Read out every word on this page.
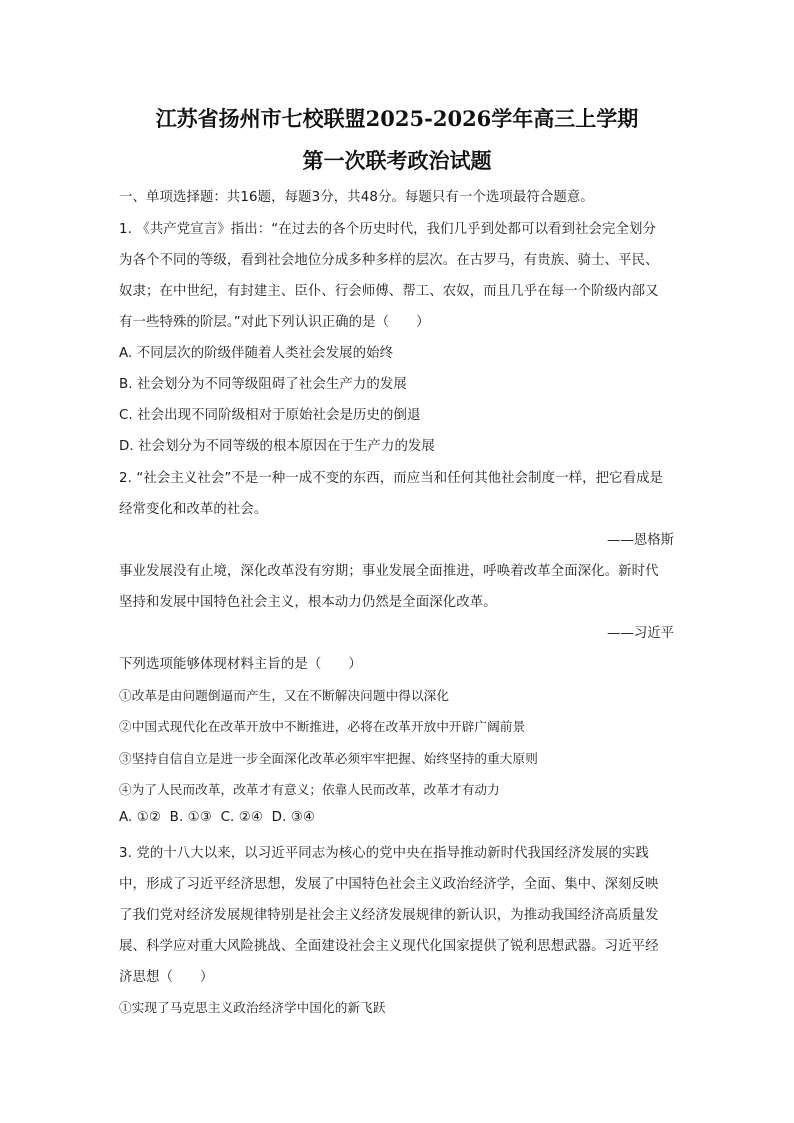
江苏省扬州市七校联盟2025-2026学年高三上学期
第一次联考政治试题
一、单项选择题：共16题，每题3分，共48分。每题只有一个选项最符合题意。
1. 《共产党宣言》指出：“在过去的各个历史时代，我们几乎到处都可以看到社会完全划分
为各个不同的等级，看到社会地位分成多种多样的层次。在古罗马，有贵族、骑士、平民、
奴隶；在中世纪，有封建主、臣仆、行会师傅、帮工、农奴，而且几乎在每一个阶级内部又
有一些特殊的阶层。”对此下列认识正确的是（　　）
A. 不同层次的阶级伴随着人类社会发展的始终
B. 社会划分为不同等级阻碍了社会生产力的发展
C. 社会出现不同阶级相对于原始社会是历史的倒退
D. 社会划分为不同等级的根本原因在于生产力的发展
2. “社会主义社会”不是一种一成不变的东西，而应当和任何其他社会制度一样，把它看成是
经常变化和改革的社会。
——恩格斯
事业发展没有止境，深化改革没有穷期；事业发展全面推进，呼唤着改革全面深化。新时代
坚持和发展中国特色社会主义，根本动力仍然是全面深化改革。
——习近平
下列选项能够体现材料主旨的是（　　）
①改革是由问题倒逼而产生，又在不断解决问题中得以深化
②中国式现代化在改革开放中不断推进，必将在改革开放中开辟广阔前景
③坚持自信自立是进一步全面深化改革必须牢牢把握、始终坚持的重大原则
④为了人民而改革，改革才有意义；依靠人民而改革，改革才有动力
A. ①②  B. ①③  C. ②④  D. ③④
3. 党的十八大以来，以习近平同志为核心的党中央在指导推动新时代我国经济发展的实践
中，形成了习近平经济思想，发展了中国特色社会主义政治经济学，全面、集中、深刻反映
了我们党对经济发展规律特别是社会主义经济发展规律的新认识，为推动我国经济高质量发
展、科学应对重大风险挑战、全面建设社会主义现代化国家提供了锐利思想武器。习近平经
济思想（　　）
①实现了马克思主义政治经济学中国化的新飞跃
